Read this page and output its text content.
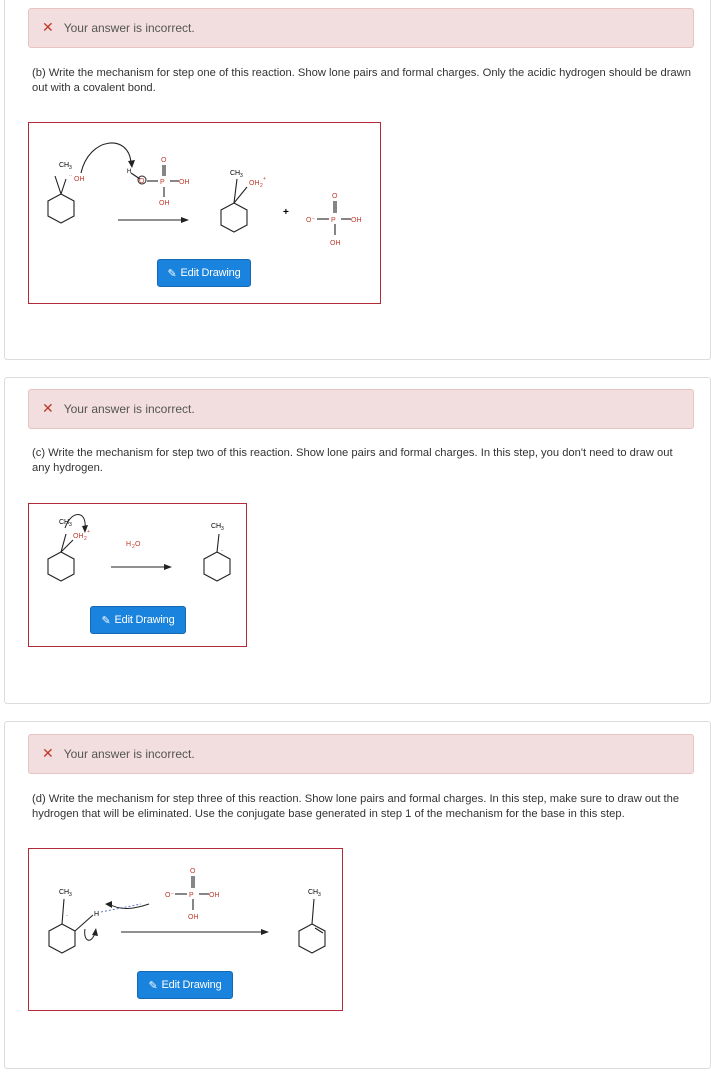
✕ Your answer is incorrect.
(b) Write the mechanism for step one of this reaction. Show lone pairs and formal charges. Only the acidic hydrogen should be drawn out with a covalent bond.
CH 3
OH
··
H
O P
O
OH
OH
CH 3
OH 2
+
+
O⁻ P
O
OH
OH
✎ Edit Drawing
✕ Your answer is incorrect.
(c) Write the mechanism for step two of this reaction. Show lone pairs and formal charges. In this step, you don't need to draw out any hydrogen.
CH 3
OH 2
+
H 2 O
CH 3
·
✎ Edit Drawing
✕ Your answer is incorrect.
(d) Write the mechanism for step three of this reaction. Show lone pairs and formal charges. In this step, make sure to draw out the hydrogen that will be eliminated. Use the conjugate base generated in step 1 of the mechanism for the base in this step.
CH 3
·	H
O⁻ P
O
OH
OH
CH 3
✎ Edit Drawing
